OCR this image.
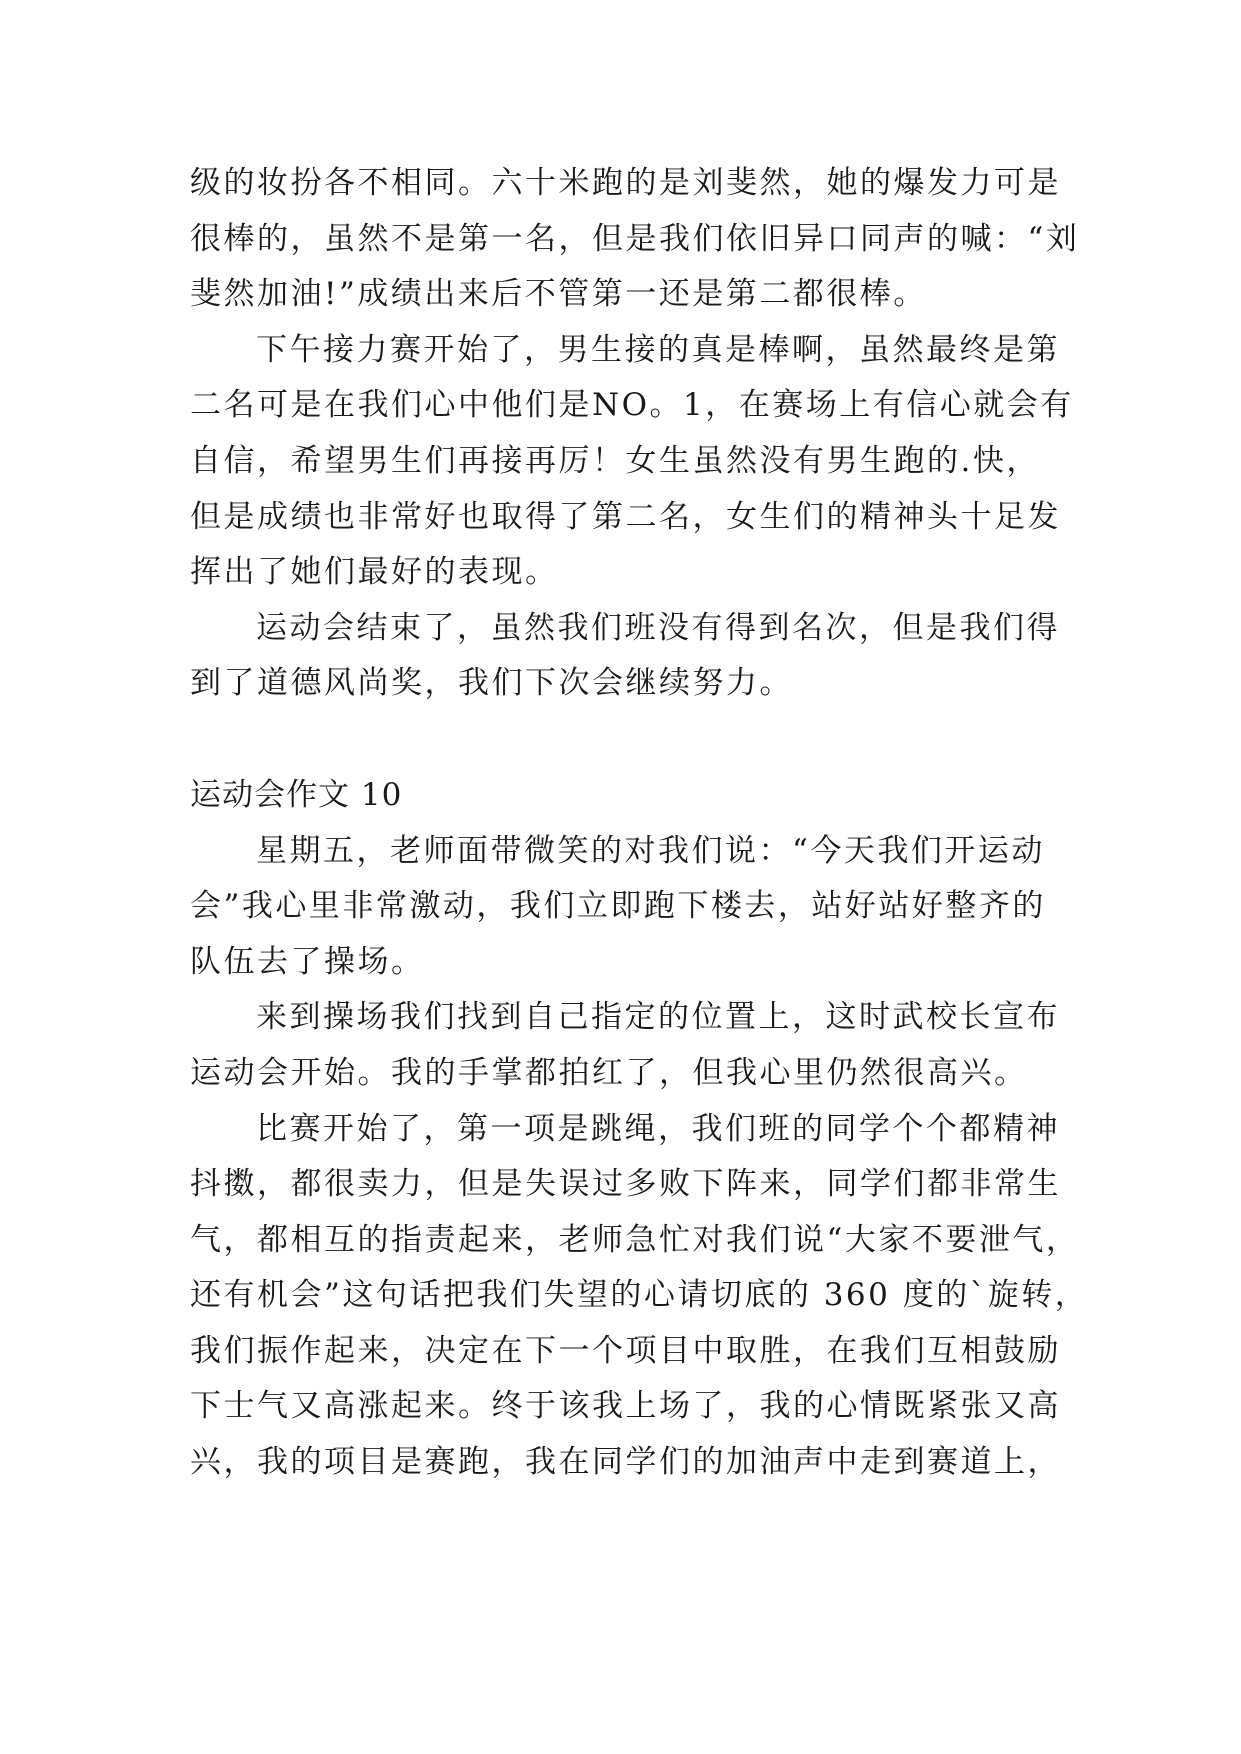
级的妆扮各不相同。六十米跑的是刘斐然，她的爆发力可是
很棒的，虽然不是第一名，但是我们依旧异口同声的喊：“刘
斐然加油!”成绩出来后不管第一还是第二都很棒。
下午接力赛开始了，男生接的真是棒啊，虽然最终是第
二名可是在我们心中他们是NO。1，在赛场上有信心就会有
自信，希望男生们再接再厉！女生虽然没有男生跑的.快，
但是成绩也非常好也取得了第二名，女生们的精神头十足发
挥出了她们最好的表现。
运动会结束了，虽然我们班没有得到名次，但是我们得
到了道德风尚奖，我们下次会继续努力。
运动会作文 10
星期五，老师面带微笑的对我们说：“今天我们开运动
会”我心里非常激动，我们立即跑下楼去，站好站好整齐的
队伍去了操场。
来到操场我们找到自己指定的位置上，这时武校长宣布
运动会开始。我的手掌都拍红了，但我心里仍然很高兴。
比赛开始了，第一项是跳绳，我们班的同学个个都精神
抖擞，都很卖力，但是失误过多败下阵来，同学们都非常生
气，都相互的指责起来，老师急忙对我们说“大家不要泄气，
还有机会”这句话把我们失望的心请切底的 360 度的`旋转，
我们振作起来，决定在下一个项目中取胜，在我们互相鼓励
下士气又高涨起来。终于该我上场了，我的心情既紧张又高
兴，我的项目是赛跑，我在同学们的加油声中走到赛道上，
